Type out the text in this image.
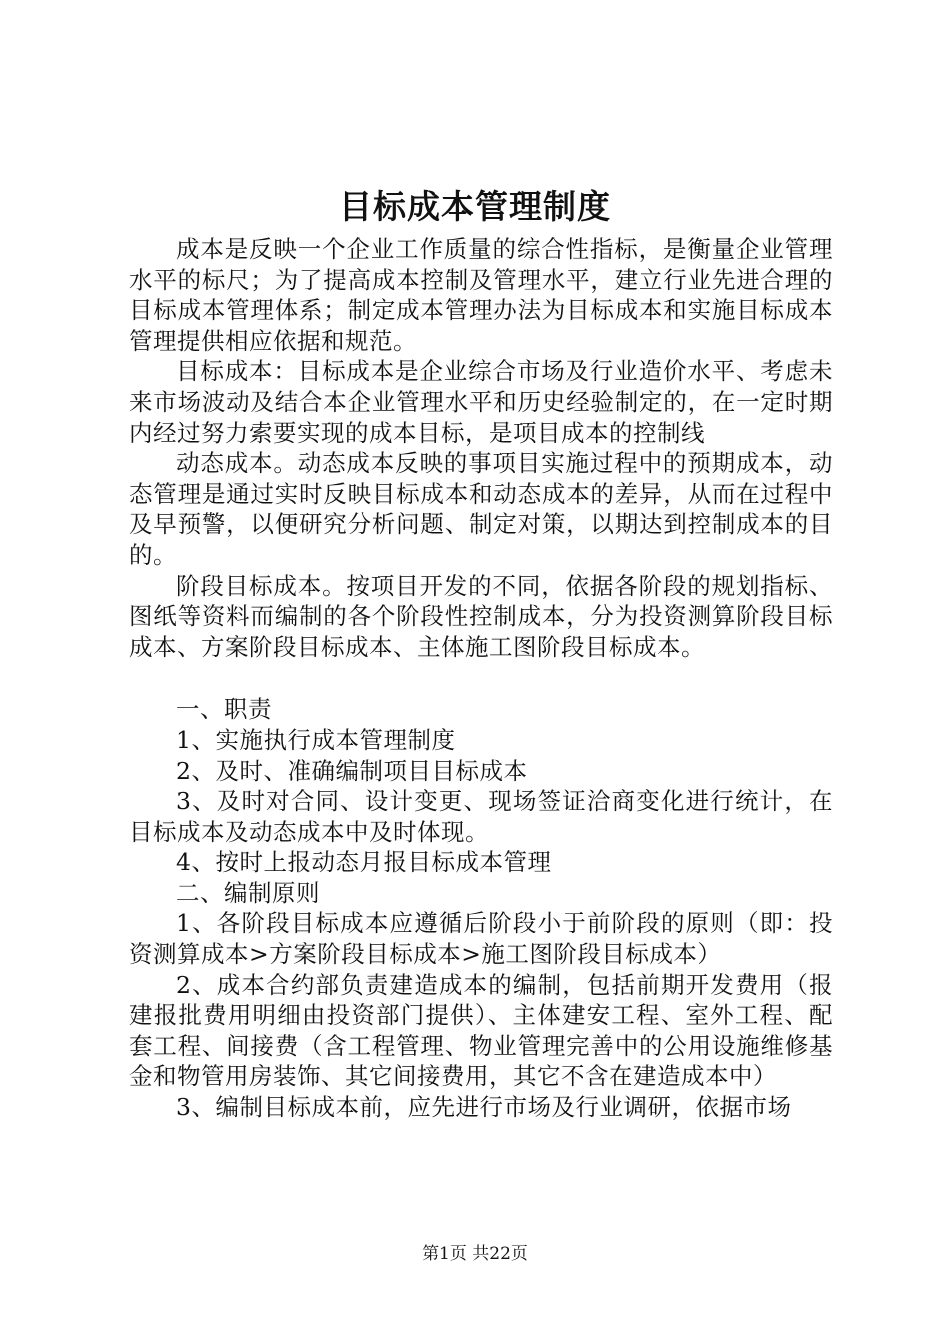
目标成本管理制度

成本是反映一个企业工作质量的综合性指标，是衡量企业管理水平的标尺；为了提高成本控制及管理水平，建立行业先进合理的目标成本管理体系；制定成本管理办法为目标成本和实施目标成本管理提供相应依据和规范。

目标成本：目标成本是企业综合市场及行业造价水平、考虑未来市场波动及结合本企业管理水平和历史经验制定的，在一定时期内经过努力索要实现的成本目标，是项目成本的控制线

动态成本。动态成本反映的事项目实施过程中的预期成本，动态管理是通过实时反映目标成本和动态成本的差异，从而在过程中及早预警，以便研究分析问题、制定对策，以期达到控制成本的目的。

阶段目标成本。按项目开发的不同，依据各阶段的规划指标、图纸等资料而编制的各个阶段性控制成本，分为投资测算阶段目标成本、方案阶段目标成本、主体施工图阶段目标成本。

一、职责

1、实施执行成本管理制度

2、及时、准确编制项目目标成本

3、及时对合同、设计变更、现场签证洽商变化进行统计，在目标成本及动态成本中及时体现。

4、按时上报动态月报目标成本管理

二、编制原则

1、各阶段目标成本应遵循后阶段小于前阶段的原则（即：投资测算成本>方案阶段目标成本>施工图阶段目标成本）

2、成本合约部负责建造成本的编制，包括前期开发费用（报建报批费用明细由投资部门提供）、主体建安工程、室外工程、配套工程、间接费（含工程管理、物业管理完善中的公用设施维修基金和物管用房装饰、其它间接费用，其它不含在建造成本中）

3、编制目标成本前，应先进行市场及行业调研，依据市场

第1页 共22页
